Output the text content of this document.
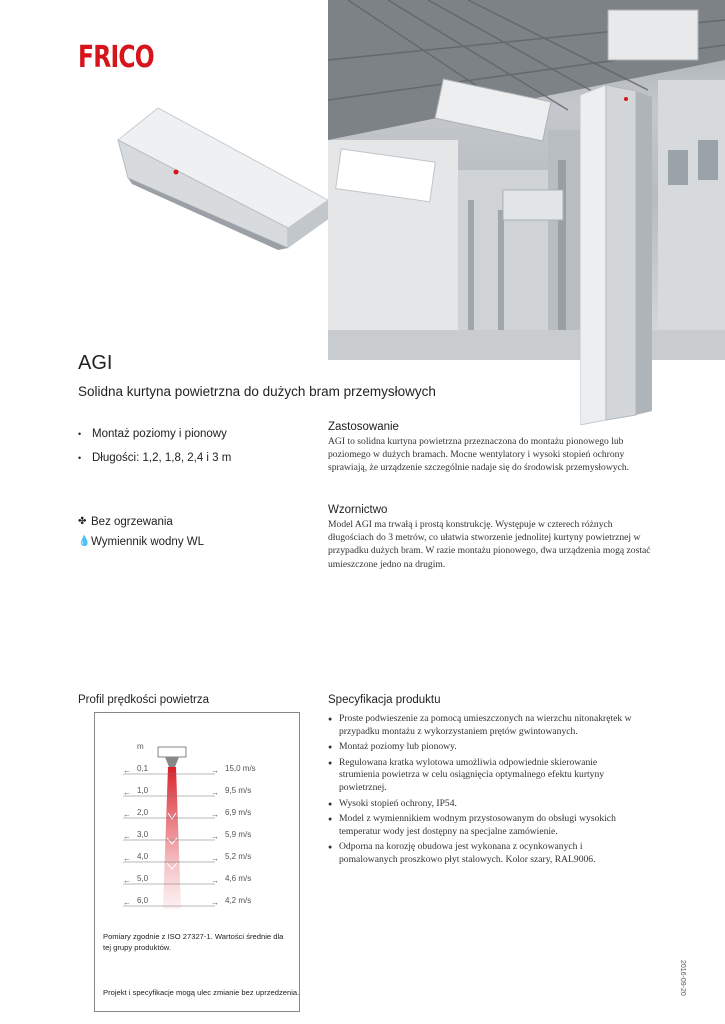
FRICO
AGI
Solidna kurtyna powietrzna do dużych bram przemysłowych
• Montaż poziomy i pionowy
• Długości: 1,2, 1,8, 2,4 i 3 m
✤ Bez ogrzewania
💧 Wymiennik wodny WL
Zastosowanie

AGI to solidna kurtyna powietrzna przeznaczona do montażu pionowego lub poziomego w dużych bramach. Mocne wentylatory i wysoki stopień ochrony sprawiają, że urządzenie szczególnie nadaje się do środowisk przemysłowych.

Wzornictwo

Model AGI ma trwałą i prostą konstrukcję. Występuje w czterech różnych długościach do 3 metrów, co ułatwia stworzenie jednolitej kurtyny powietrznej w przypadku dużych bram. W razie montażu pionowego, dwa urządzenia mogą zostać umieszczone jedno na drugim.

Profil prędkości powietrza
← 0,1	→ 15,0 m/s
← 1,0	→ 9,5 m/s
← 2,0	→ 6,9 m/s
← 3,0	→ 5,9 m/s
← 4,0	→ 5,2 m/s
← 5,0	→ 4,6 m/s
← 6,0	→ 4,2 m/s
m
Pomiary zgodnie z ISO 27327-1. Wartości średnie dla tej grupy produktów.
Projekt i specyfikacje mogą ulec zmianie bez uprzedzenia.
Specyfikacja produktu
● Proste podwieszenie za pomocą umieszczonych na wierzchu nitonakrętek w przypadku montażu z wykorzystaniem prętów gwintowanych.
● Montaż poziomy lub pionowy.
● Regulowana kratka wylotowa umożliwia odpowiednie skierowanie strumienia powietrza w celu osiągnięcia optymalnego efektu kurtyny powietrznej.
● Wysoki stopień ochrony, IP54.
● Model z wymiennikiem wodnym przystosowanym do obsługi wysokich temperatur wody jest dostępny na specjalne zamówienie.
● Odporna na korozję obudowa jest wykonana z ocynkowanych i pomalowanych proszkowo płyt stalowych. Kolor szary, RAL9006.
2016-09-20
